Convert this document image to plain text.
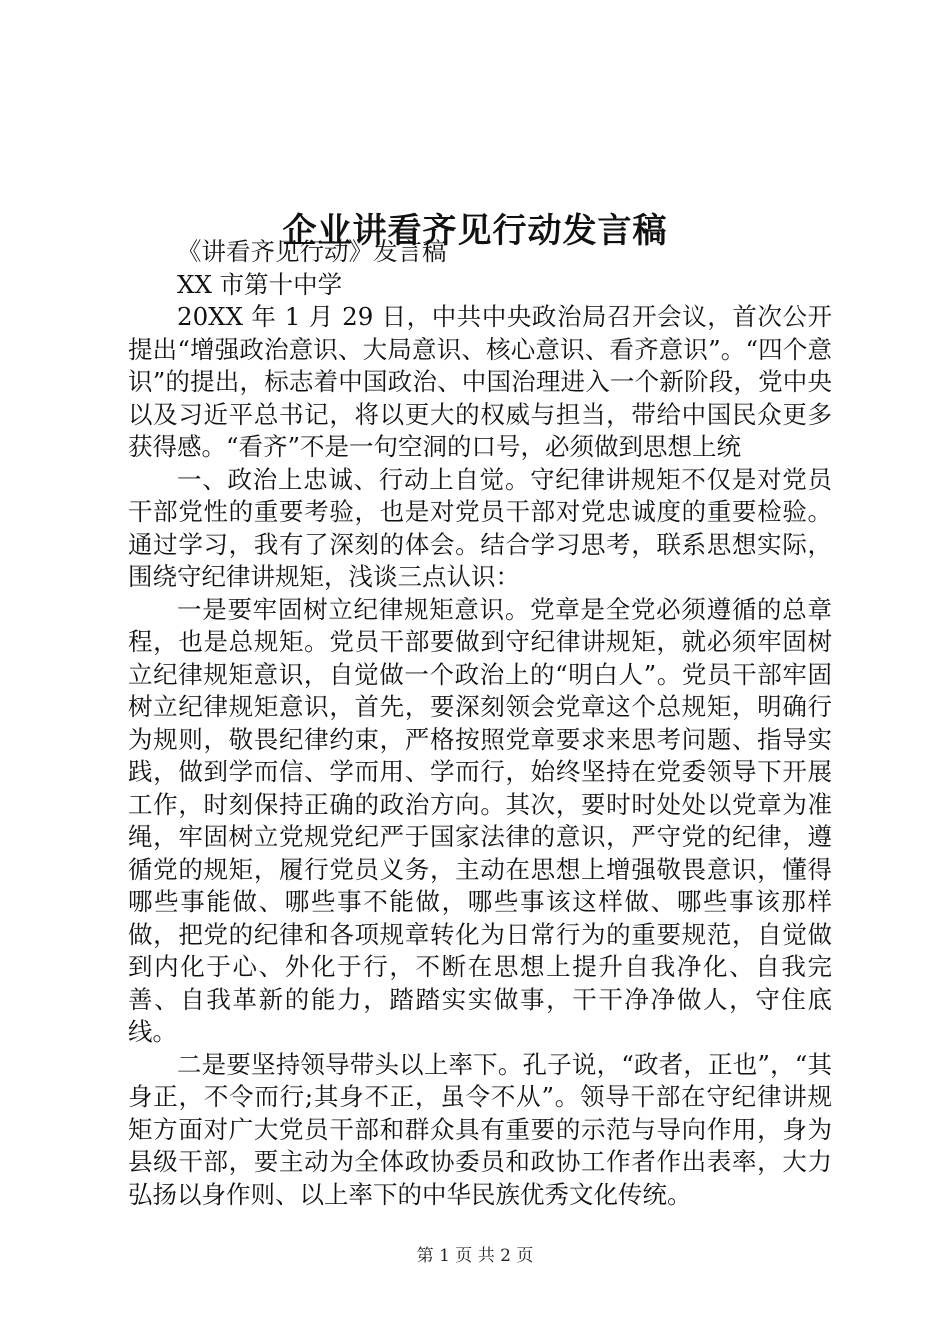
企业讲看齐见行动发言稿

《讲看齐见行动》发言稿

XX 市第十中学

20XX 年 1 月 29 日，中共中央政治局召开会议，首次公开提出“增强政治意识、大局意识、核心意识、看齐意识”。“四个意识”的提出，标志着中国政治、中国治理进入一个新阶段，党中央以及习近平总书记，将以更大的权威与担当，带给中国民众更多获得感。“看齐”不是一句空洞的口号，必须做到思想上统

一、政治上忠诚、行动上自觉。守纪律讲规矩不仅是对党员干部党性的重要考验，也是对党员干部对党忠诚度的重要检验。通过学习，我有了深刻的体会。结合学习思考，联系思想实际，围绕守纪律讲规矩，浅谈三点认识：

一是要牢固树立纪律规矩意识。党章是全党必须遵循的总章程，也是总规矩。党员干部要做到守纪律讲规矩，就必须牢固树立纪律规矩意识，自觉做一个政治上的“明白人”。党员干部牢固树立纪律规矩意识，首先，要深刻领会党章这个总规矩，明确行为规则，敬畏纪律约束，严格按照党章要求来思考问题、指导实践，做到学而信、学而用、学而行，始终坚持在党委领导下开展工作，时刻保持正确的政治方向。其次，要时时处处以党章为准绳，牢固树立党规党纪严于国家法律的意识，严守党的纪律，遵循党的规矩，履行党员义务，主动在思想上增强敬畏意识，懂得哪些事能做、哪些事不能做，哪些事该这样做、哪些事该那样做，把党的纪律和各项规章转化为日常行为的重要规范，自觉做到内化于心、外化于行，不断在思想上提升自我净化、自我完善、自我革新的能力，踏踏实实做事，干干净净做人，守住底线。

二是要坚持领导带头以上率下。孔子说，“政者，正也”，“其身正，不令而行;其身不正，虽令不从”。领导干部在守纪律讲规矩方面对广大党员干部和群众具有重要的示范与导向作用，身为县级干部，要主动为全体政协委员和政协工作者作出表率，大力弘扬以身作则、以上率下的中华民族优秀文化传统。

第 1 页 共 2 页
